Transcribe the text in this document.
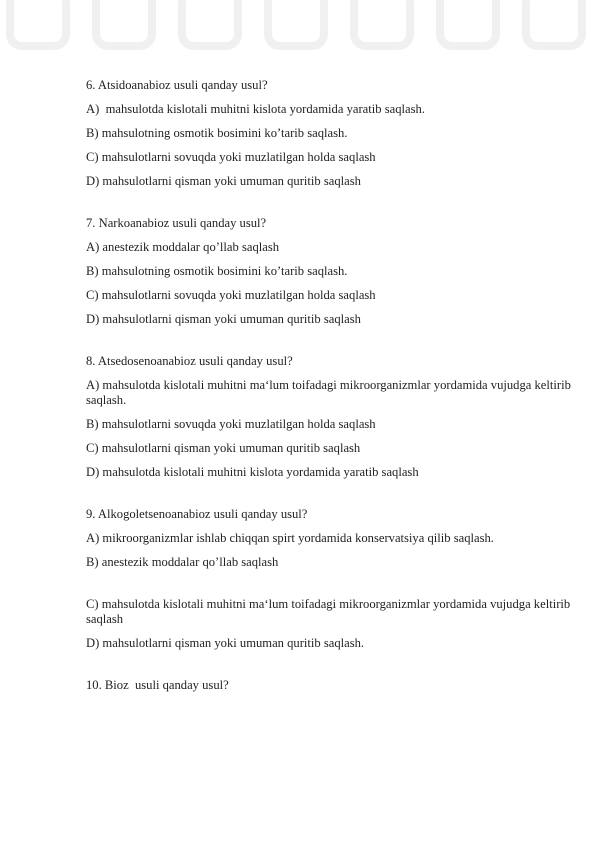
6. Atsidoanabioz usuli qanday usul?
A)  mahsulotda kislotali muhitni kislota yordamida yaratib saqlash.
B) mahsulotning osmotik bosimini ko’tarib saqlash.
C) mahsulotlarni sovuqda yoki muzlatilgan holda saqlash
D) mahsulotlarni qisman yoki umuman quritib saqlash
7. Narkoanabioz usuli qanday usul?
A) anestezik moddalar qo’llab saqlash
B) mahsulotning osmotik bosimini ko’tarib saqlash.
C) mahsulotlarni sovuqda yoki muzlatilgan holda saqlash
D) mahsulotlarni qisman yoki umuman quritib saqlash
8. Atsedosenoanabioz usuli qanday usul?
A) mahsulotda kislotali muhitni ma‘lum toifadagi mikroorganizmlar yordamida vujudga keltirib saqlash.
B) mahsulotlarni sovuqda yoki muzlatilgan holda saqlash
C) mahsulotlarni qisman yoki umuman quritib saqlash
D) mahsulotda kislotali muhitni kislota yordamida yaratib saqlash
9. Alkogoletsenoanabioz usuli qanday usul?
A) mikroorganizmlar ishlab chiqqan spirt yordamida konservatsiya qilib saqlash.
B) anestezik moddalar qo’llab saqlash
C) mahsulotda kislotali muhitni ma‘lum toifadagi mikroorganizmlar yordamida vujudga keltirib saqlash
D) mahsulotlarni qisman yoki umuman quritib saqlash.
10. Bioz  usuli qanday usul?
